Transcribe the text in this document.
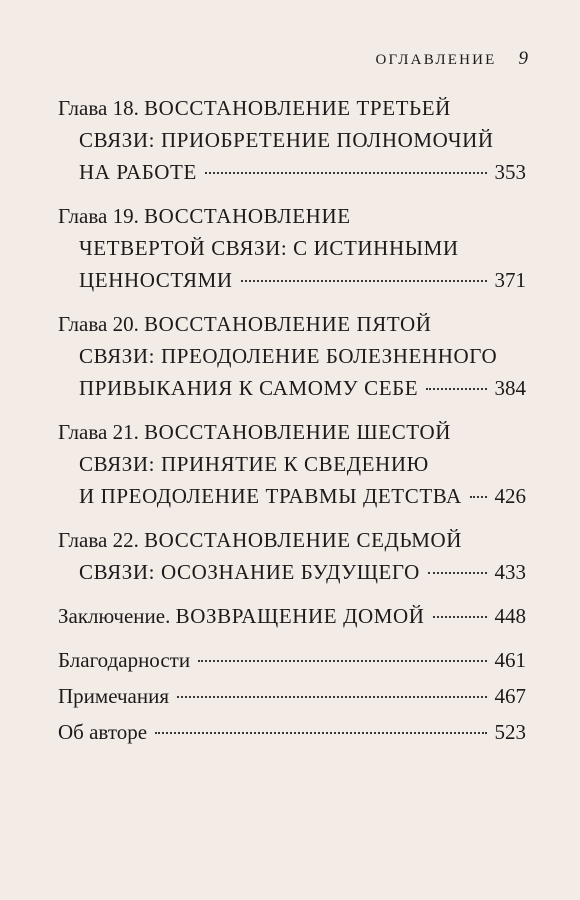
ОГЛАВЛЕНИЕ 9
Глава 18. ВОССТАНОВЛЕНИЕ ТРЕТЬЕЙ
СВЯЗИ: ПРИОБРЕТЕНИЕ ПОЛНОМОЧИЙ
НА РАБОТЕ	353
Глава 19. ВОССТАНОВЛЕНИЕ
ЧЕТВЕРТОЙ СВЯЗИ: С ИСТИННЫМИ
ЦЕННОСТЯМИ	371
Глава 20. ВОССТАНОВЛЕНИЕ ПЯТОЙ
СВЯЗИ: ПРЕОДОЛЕНИЕ БОЛЕЗНЕННОГО
ПРИВЫКАНИЯ К САМОМУ СЕБЕ	384
Глава 21. ВОССТАНОВЛЕНИЕ ШЕСТОЙ
СВЯЗИ: ПРИНЯТИЕ К СВЕДЕНИЮ
И ПРЕОДОЛЕНИЕ ТРАВМЫ ДЕТСТВА 426
Глава 22. ВОССТАНОВЛЕНИЕ СЕДЬМОЙ
СВЯЗИ: ОСОЗНАНИЕ БУДУЩЕГО	433
Заключение. ВОЗВРАЩЕНИЕ ДОМОЙ	448
Благодарности	461
Примечания	467
Об авторе	523
